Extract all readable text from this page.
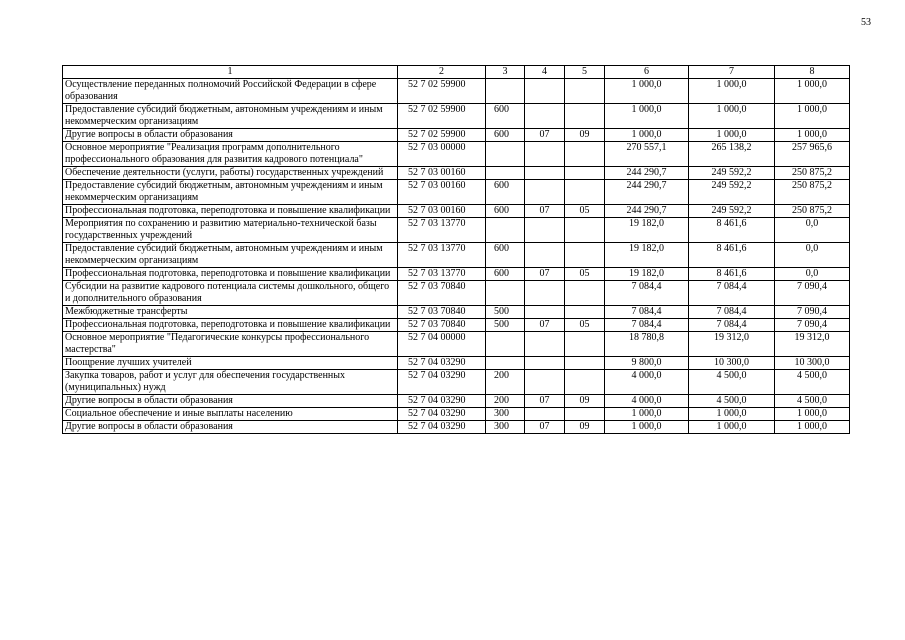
53
1	2	3	4	5	6	7	8
Осуществление переданных полномочий Российской Федерации в сфере образования	52 7 02 59900				1 000,0	1 000,0	1 000,0
Предоставление субсидий бюджетным, автономным учреждениям и иным некоммерческим организациям	52 7 02 59900	600			1 000,0	1 000,0	1 000,0
Другие вопросы в области образования	52 7 02 59900	600	07	09	1 000,0	1 000,0	1 000,0
Основное мероприятие "Реализация программ дополнительного профессионального образования для развития кадрового потенциала"	52 7 03 00000				270 557,1	265 138,2	257 965,6
Обеспечение деятельности (услуги, работы) государственных учреждений	52 7 03 00160				244 290,7	249 592,2	250 875,2
Предоставление субсидий бюджетным, автономным учреждениям и иным некоммерческим организациям	52 7 03 00160	600			244 290,7	249 592,2	250 875,2
Профессиональная подготовка, переподготовка и повышение квалификации	52 7 03 00160	600	07	05	244 290,7	249 592,2	250 875,2
Мероприятия по сохранению и развитию материально-технической базы государственных учреждений	52 7 03 13770				19 182,0	8 461,6	0,0
Предоставление субсидий бюджетным, автономным учреждениям и иным некоммерческим организациям	52 7 03 13770	600			19 182,0	8 461,6	0,0
Профессиональная подготовка, переподготовка и повышение квалификации	52 7 03 13770	600	07	05	19 182,0	8 461,6	0,0
Субсидии на развитие кадрового потенциала системы дошкольного, общего и дополнительного образования	52 7 03 70840				7 084,4	7 084,4	7 090,4
Межбюджетные трансферты	52 7 03 70840	500			7 084,4	7 084,4	7 090,4
Профессиональная подготовка, переподготовка и повышение квалификации	52 7 03 70840	500	07	05	7 084,4	7 084,4	7 090,4
Основное мероприятие "Педагогические конкурсы профессионального мастерства"	52 7 04 00000				18 780,8	19 312,0	19 312,0
Поощрение лучших учителей	52 7 04 03290				9 800,0	10 300,0	10 300,0
Закупка товаров, работ и услуг для обеспечения государственных (муниципальных) нужд	52 7 04 03290	200			4 000,0	4 500,0	4 500,0
Другие вопросы в области образования	52 7 04 03290	200	07	09	4 000,0	4 500,0	4 500,0
Социальное обеспечение и иные выплаты населению	52 7 04 03290	300			1 000,0	1 000,0	1 000,0
Другие вопросы в области образования	52 7 04 03290	300	07	09	1 000,0	1 000,0	1 000,0
